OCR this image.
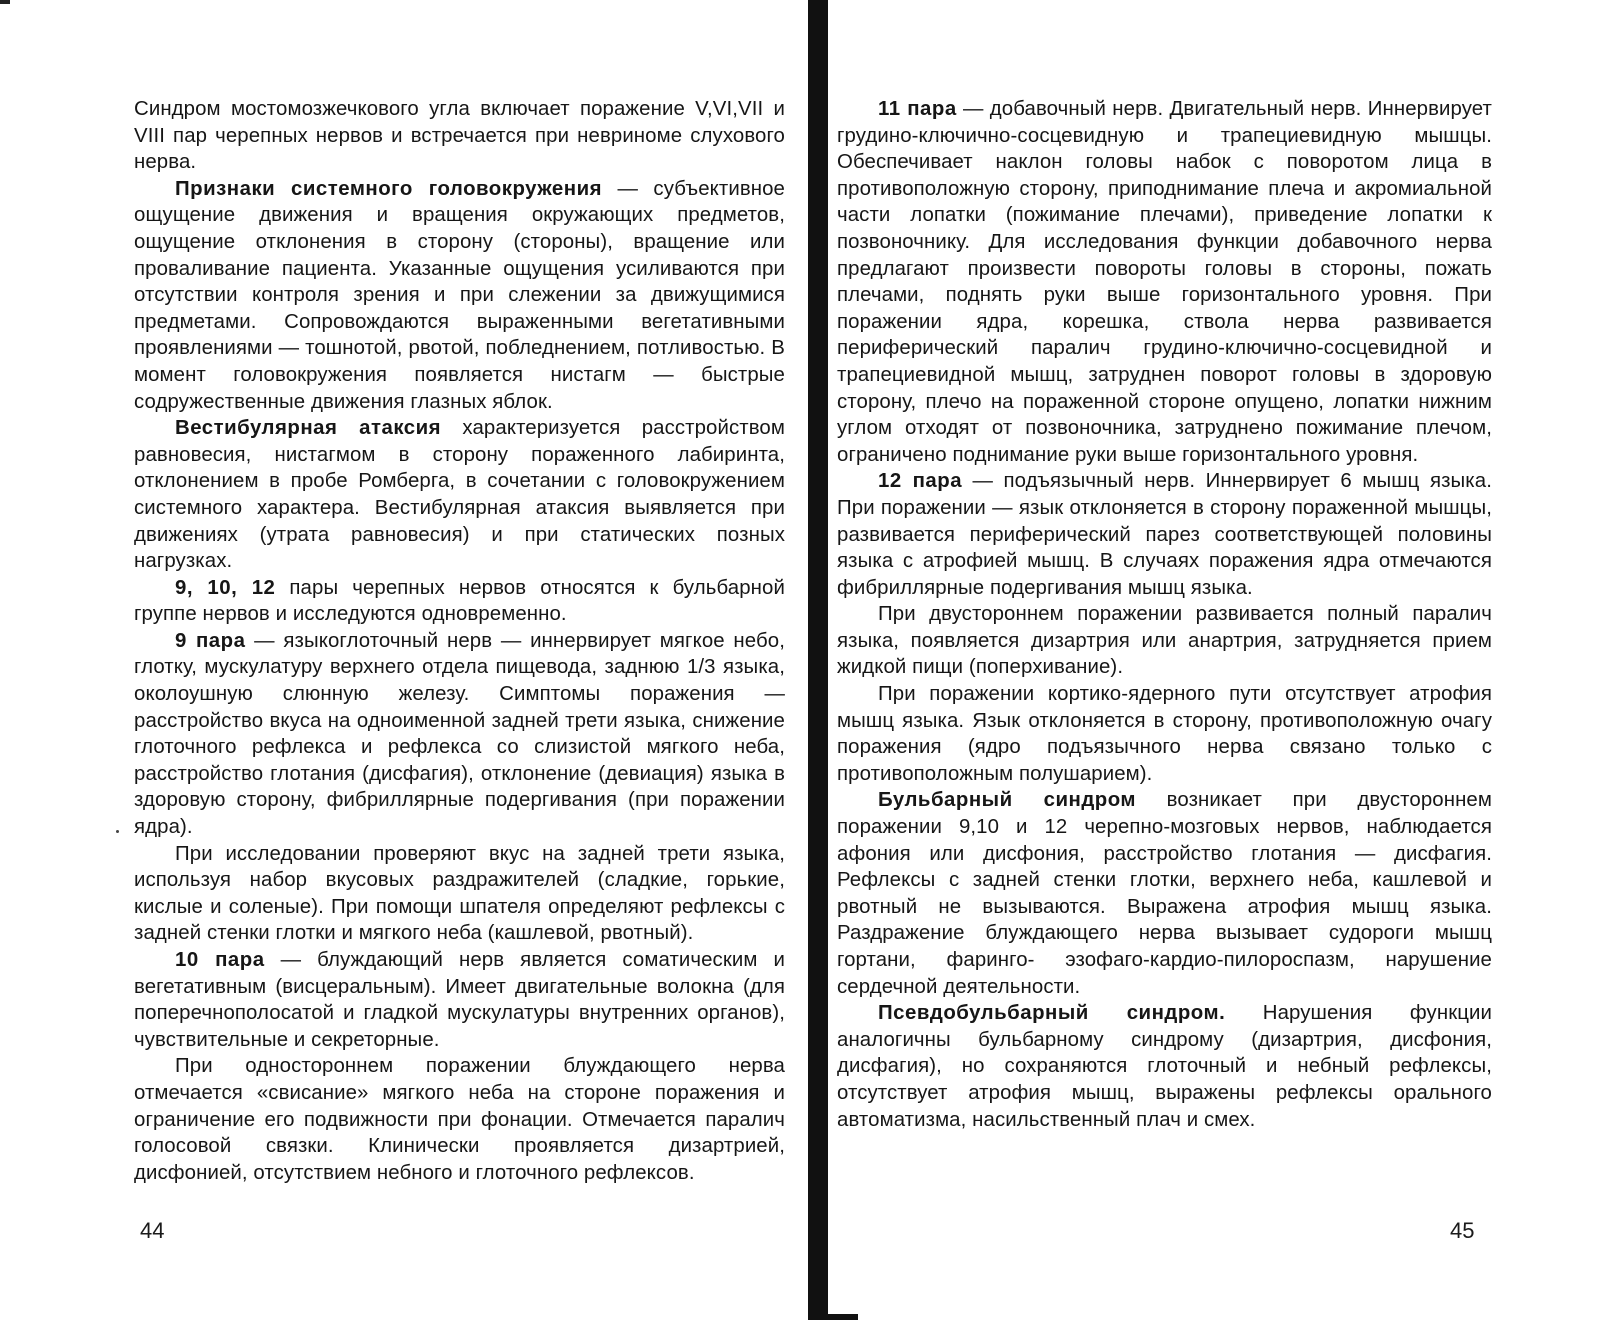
Синдром мостомозжечкового угла включает поражение V,VI,VII и VIII пар черепных нервов и встречается при невриноме слухового нерва.

Признаки системного головокружения — субъективное ощущение движения и вращения окружающих предметов, ощущение отклонения в сторону (стороны), вращение или проваливание пациента. Указанные ощущения усиливаются при отсутствии контроля зрения и при слежении за движущимися предметами. Сопровождаются выраженными вегетативными проявлениями — тошнотой, рвотой, побледнением, потливостью. В момент головокружения появляется нистагм — быстрые содружественные движения глазных яблок.

Вестибулярная атаксия характеризуется расстройством равновесия, нистагмом в сторону пораженного лабиринта, отклонением в пробе Ромберга, в сочетании с головокружением системного характера. Вестибулярная атаксия выявляется при движениях (утрата равновесия) и при статических позных нагрузках.

9, 10, 12 пары черепных нервов относятся к бульбарной группе нервов и исследуются одновременно.

9 пара — языкоглоточный нерв — иннервирует мягкое небо, глотку, мускулатуру верхнего отдела пищевода, заднюю 1/3 языка, околоушную слюнную железу. Симптомы поражения — расстройство вкуса на одноименной задней трети языка, снижение глоточного рефлекса и рефлекса со слизистой мягкого неба, расстройство глотания (дисфагия), отклонение (девиация) языка в здоровую сторону, фибриллярные подергивания (при поражении ядра).

При исследовании проверяют вкус на задней трети языка, используя набор вкусовых раздражителей (сладкие, горькие, кислые и соленые). При помощи шпателя определяют рефлексы с задней стенки глотки и мягкого неба (кашлевой, рвотный).

10 пара — блуждающий нерв является соматическим и вегетативным (висцеральным). Имеет двигательные волокна (для поперечнополосатой и гладкой мускулатуры внутренних органов), чувствительные и секреторные.

При одностороннем поражении блуждающего нерва отмечается «свисание» мягкого неба на стороне поражения и ограничение его подвижности при фонации. Отмечается паралич голосовой связки. Клинически проявляется дизартрией, дисфонией, отсутствием небного и глоточного рефлексов.

44

11 пара — добавочный нерв. Двигательный нерв. Иннервирует грудино-ключично-сосцевидную и трапециевидную мышцы. Обеспечивает наклон головы набок с поворотом лица в противоположную сторону, приподнимание плеча и акромиальной части лопатки (пожимание плечами), приведение лопатки к позвоночнику. Для исследования функции добавочного нерва предлагают произвести повороты головы в стороны, пожать плечами, поднять руки выше горизонтального уровня. При поражении ядра, корешка, ствола нерва развивается периферический паралич грудино-ключично-сосцевидной и трапециевидной мышц, затруднен поворот головы в здоровую сторону, плечо на пораженной стороне опущено, лопатки нижним углом отходят от позвоночника, затруднено пожимание плечом, ограничено поднимание руки выше горизонтального уровня.

12 пара — подъязычный нерв. Иннервирует 6 мышц языка. При поражении — язык отклоняется в сторону пораженной мышцы, развивается периферический парез соответствующей половины языка с атрофией мышц. В случаях поражения ядра отмечаются фибриллярные подергивания мышц языка.

При двустороннем поражении развивается полный паралич языка, появляется дизартрия или анартрия, затрудняется прием жидкой пищи (поперхивание).

При поражении кортико-ядерного пути отсутствует атрофия мышц языка. Язык отклоняется в сторону, противоположную очагу поражения (ядро подъязычного нерва связано только с противоположным полушарием).

Бульбарный синдром возникает при двустороннем поражении 9,10 и 12 черепно-мозговых нервов, наблюдается афония или дисфония, расстройство глотания — дисфагия. Рефлексы с задней стенки глотки, верхнего неба, кашлевой и рвотный не вызываются. Выражена атрофия мышц языка. Раздражение блуждающего нерва вызывает судороги мышц гортани, фаринго- эзофаго-кардио-пилороспазм, нарушение сердечной деятельности.

Псевдобульбарный синдром. Нарушения функции аналогичны бульбарному синдрому (дизартрия, дисфония, дисфагия), но сохраняются глоточный и небный рефлексы, отсутствует атрофия мышц, выражены рефлексы орального автоматизма, насильственный плач и смех.

45
